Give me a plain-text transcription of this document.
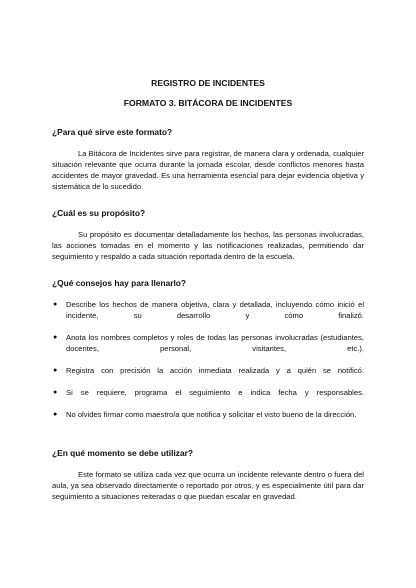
REGISTRO DE INCIDENTES

FORMATO 3. BITÁCORA DE INCIDENTES

¿Para qué sirve este formato?

La Bitácora de Incidentes sirve para registrar, de manera clara y ordenada, cualquier situación relevante que ocurra durante la jornada escolar, desde conflictos menores hasta accidentes de mayor gravedad. Es una herramienta esencial para dejar evidencia objetiva y sistemática de lo sucedido.

¿Cuál es su propósito?

Su propósito es documentar detalladamente los hechos, las personas involucradas, las acciones tomadas en el momento y las notificaciones realizadas, permitiendo dar seguimiento y respaldo a cada situación reportada dentro de la escuela.

¿Qué consejos hay para llenarlo?

●	Describe los hechos de manera objetiva, clara y detallada, incluyendo cómo inició el incidente, su desarrollo y cómo finalizó.
●	Anota los nombres completos y roles de todas las personas involucradas (estudiantes, docentes, personal, visitantes, etc.).
●	Registra con precisión la acción inmediata realizada y a quién se notificó.
●	Si se requiere, programa el seguimiento e indica fecha y responsables.
●	No olvides firmar como maestro/a que notifica y solicitar el visto bueno de la dirección.

¿En qué momento se debe utilizar?

Este formato se utiliza cada vez que ocurra un incidente relevante dentro o fuera del aula, ya sea observado directamente o reportado por otros, y es especialmente útil para dar seguimiento a situaciones reiteradas o que puedan escalar en gravedad.
